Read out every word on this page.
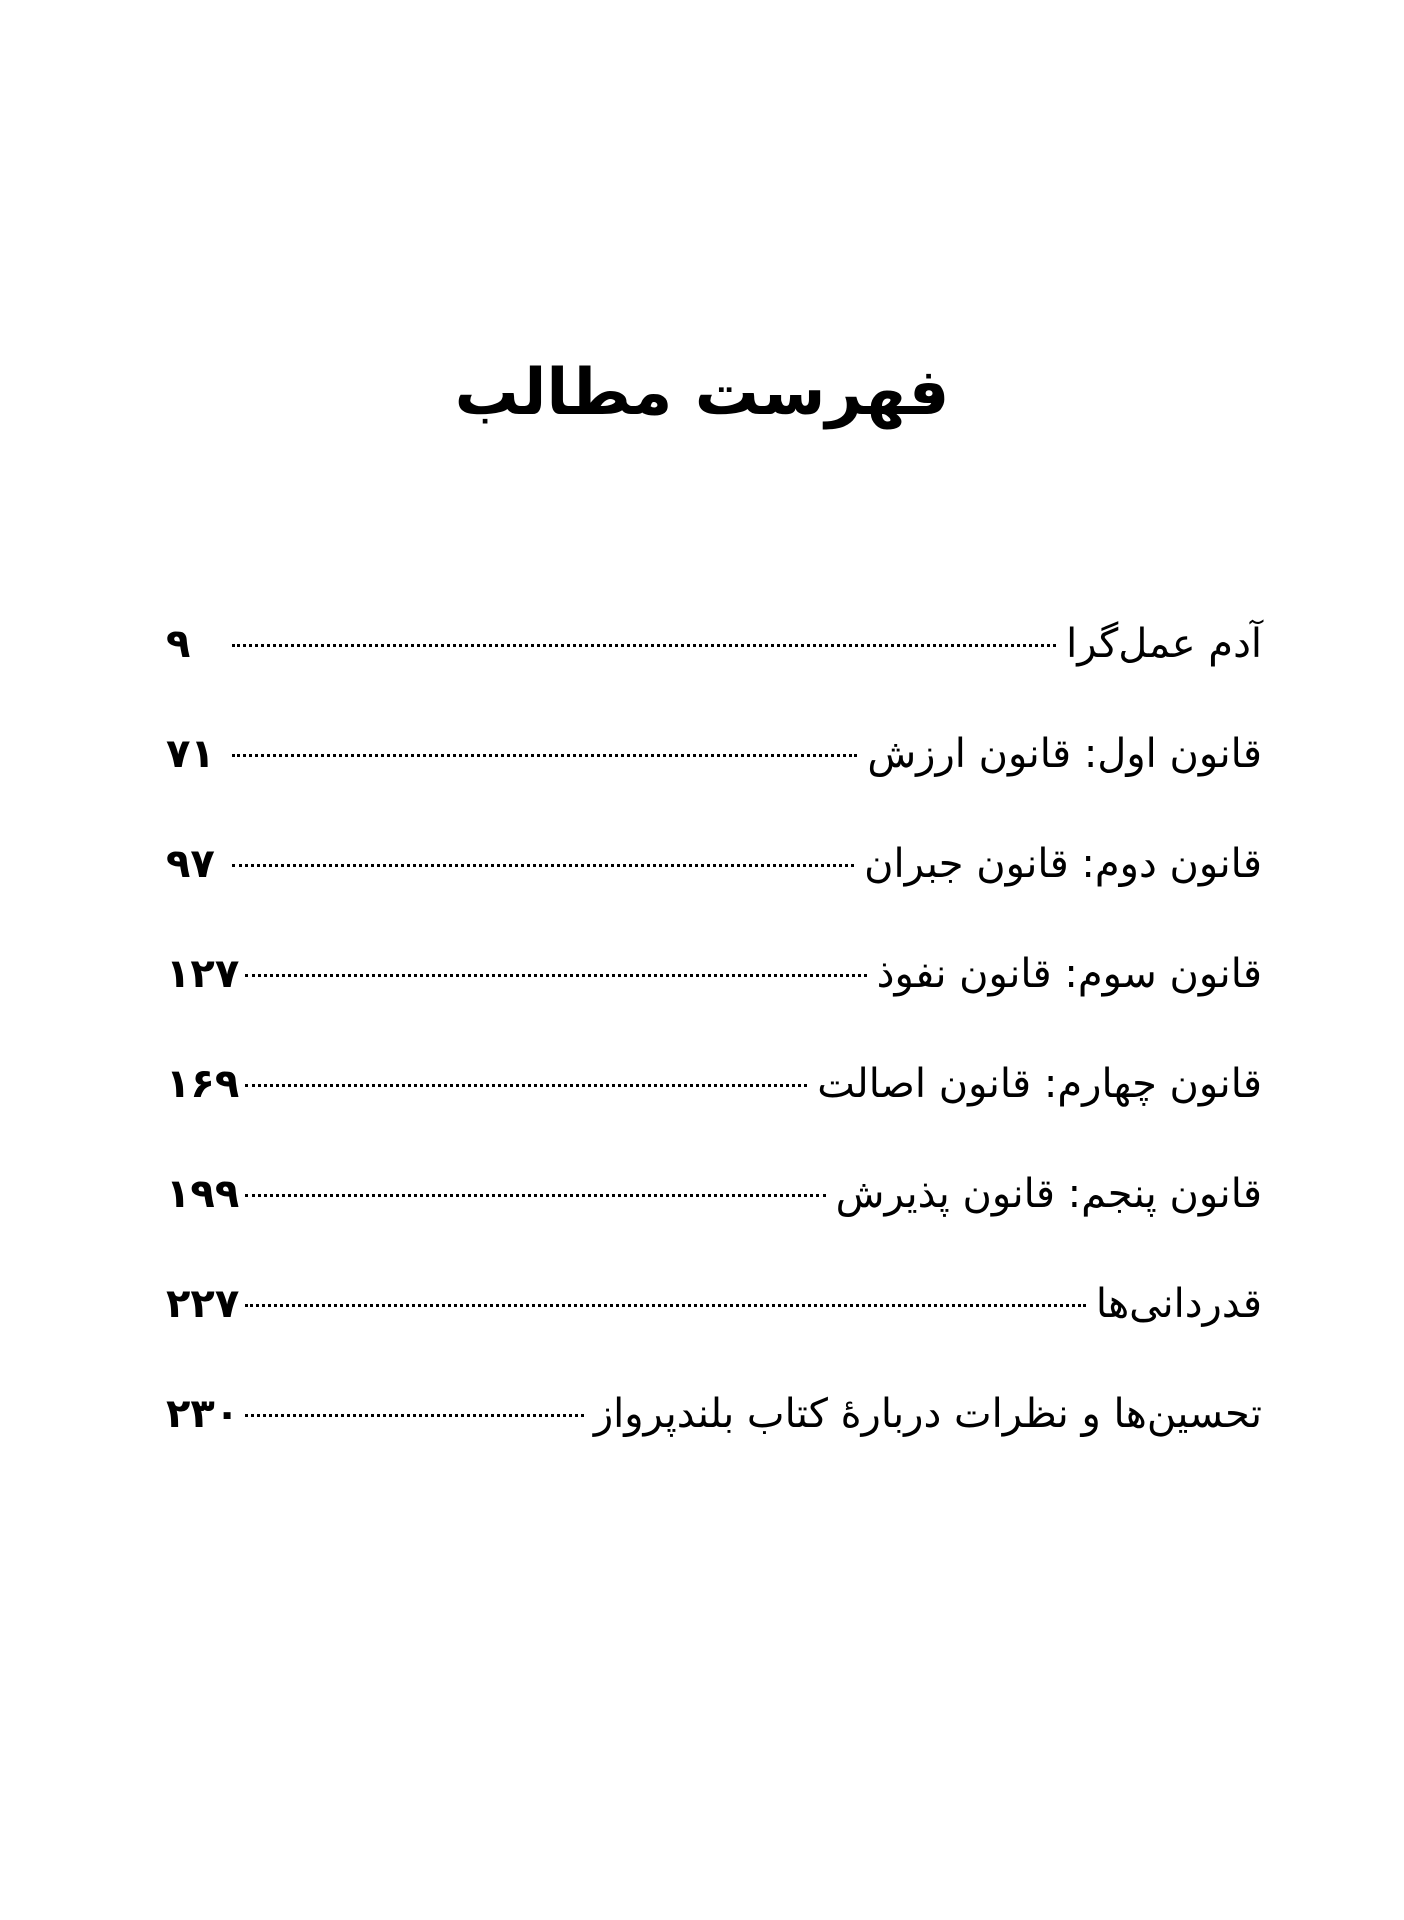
فهرست مطالب
آدم عمل‌گرا
۹
قانون اول: قانون ارزش
۷۱
قانون دوم: قانون جبران
۹۷
قانون سوم: قانون نفوذ
۱۲۷
قانون چهارم: قانون اصالت
۱۶۹
قانون پنجم: قانون پذیرش
۱۹۹
قدردانی‌ها
۲۲۷
تحسین‌ها و نظرات دربارهٔ کتاب بلندپرواز
۲۳۰
